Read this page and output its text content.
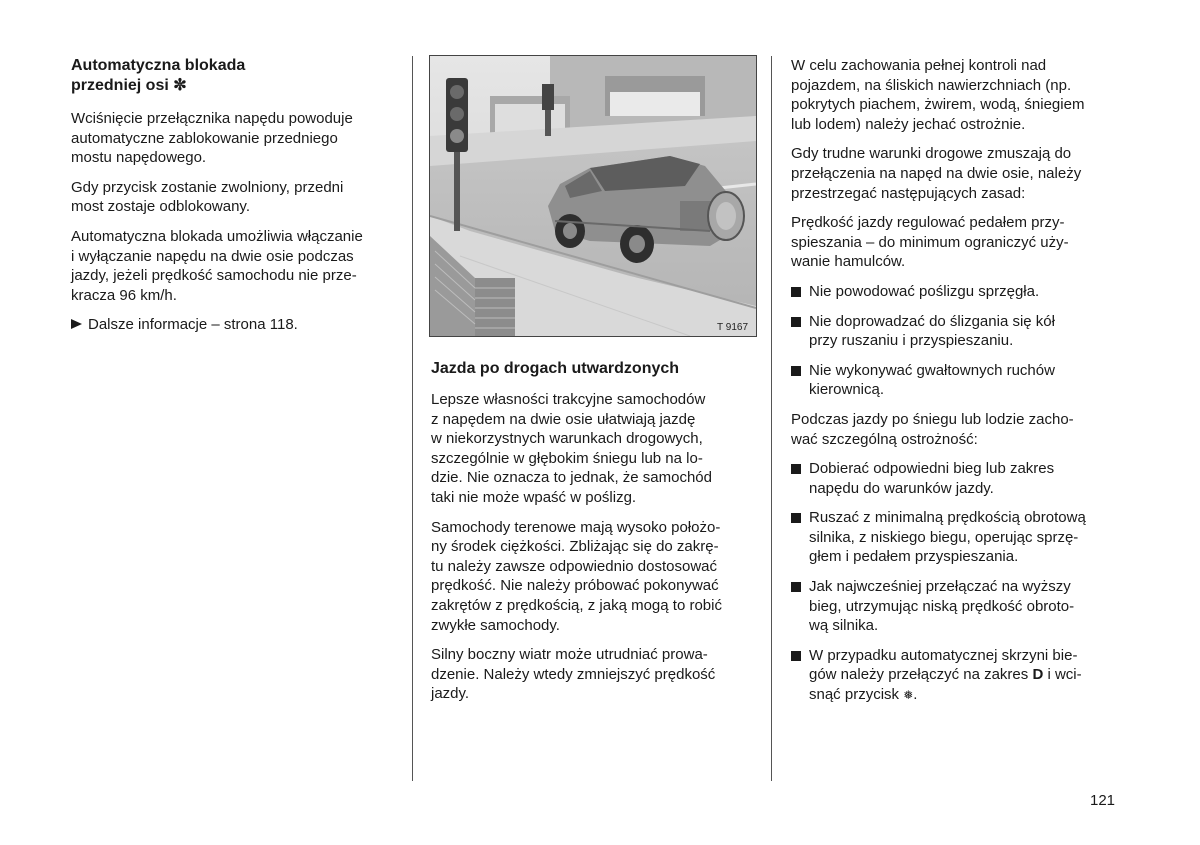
Automatyczna blokada
przedniej osi ✼

Wciśnięcie przełącznika napędu powoduje
automatyczne zablokowanie przedniego
mostu napędowego.

Gdy przycisk zostanie zwolniony, przedni
most zostaje odblokowany.

Automatyczna blokada umożliwia włączanie
i wyłączanie napędu na dwie osie podczas
jazdy, jeżeli prędkość samochodu nie prze-
kracza 96 km/h.

Dalsze informacje – strona 118.	T 9167
Jazda po drogach utwardzonych

Lepsze własności trakcyjne samochodów
z napędem na dwie osie ułatwiają jazdę
w niekorzystnych warunkach drogowych,
szczególnie w głębokim śniegu lub na lo-
dzie. Nie oznacza to jednak, że samochód
taki nie może wpaść w poślizg.

Samochody terenowe mają wysoko położo-
ny środek ciężkości. Zbliżając się do zakrę-
tu należy zawsze odpowiednio dostosować
prędkość. Nie należy próbować pokonywać
zakrętów z prędkością, z jaką mogą to robić
zwykłe samochody.

Silny boczny wiatr może utrudniać prowa-
dzenie. Należy wtedy zmniejszyć prędkość
jazdy.

W celu zachowania pełnej kontroli nad
pojazdem, na śliskich nawierzchniach (np.
pokrytych piachem, żwirem, wodą, śniegiem
lub lodem) należy jechać ostrożnie.

Gdy trudne warunki drogowe zmuszają do
przełączenia na napęd na dwie osie, należy
przestrzegać następujących zasad:

Prędkość jazdy regulować pedałem przy-
spieszania – do minimum ograniczyć uży-
wanie hamulców.

Nie powodować poślizgu sprzęgła.

Nie doprowadzać do ślizgania się kół
przy ruszaniu i przyspieszaniu.

Nie wykonywać gwałtownych ruchów
kierownicą.

Podczas jazdy po śniegu lub lodzie zacho-
wać szczególną ostrożność:

Dobierać odpowiedni bieg lub zakres
napędu do warunków jazdy.

Ruszać z minimalną prędkością obrotową
silnika, z niskiego biegu, operując sprzę-
głem i pedałem przyspieszania.

Jak najwcześniej przełączać na wyższy
bieg, utrzymując niską prędkość obroto-
wą silnika.

W przypadku automatycznej skrzyni bie-
gów należy przełączyć na zakres D i wci-
snąć przycisk ❅.

121
